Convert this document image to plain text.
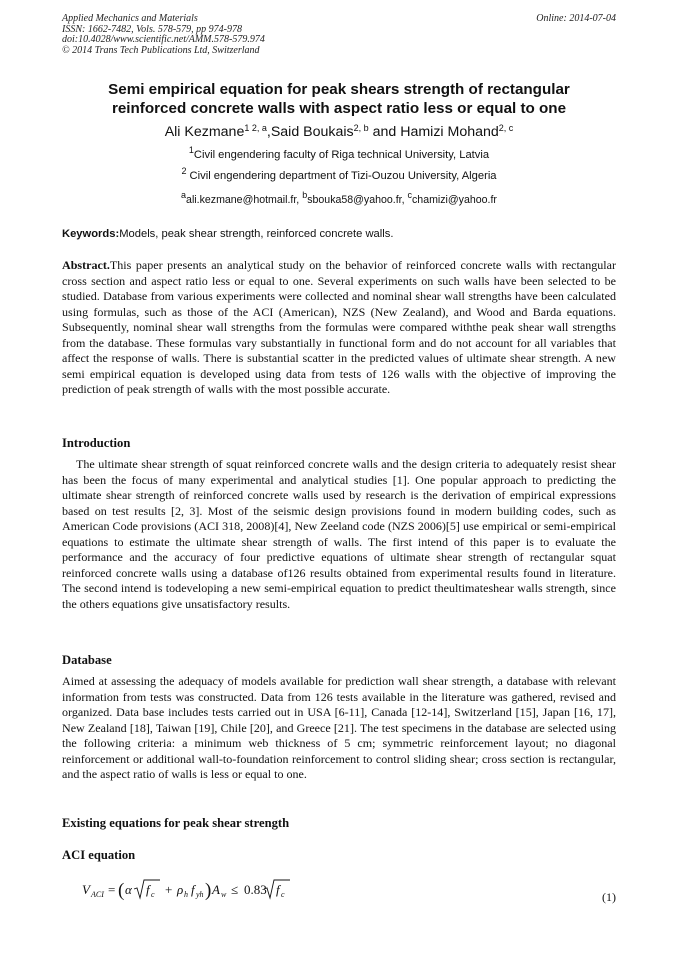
Applied Mechanics and Materials
ISSN: 1662-7482, Vols. 578-579, pp 974-978
doi:10.4028/www.scientific.net/AMM.578-579.974
© 2014 Trans Tech Publications Ltd, Switzerland
Online: 2014-07-04
Semi empirical equation for peak shears strength of rectangular
reinforced concrete walls with aspect ratio less or equal to one
Ali Kezmane$^{1 2, a}$,Said Boukais$^{2, b}$ and Hamizi Mohand$^{2, c}$
$^1$Civil engendering faculty of Riga technical University, Latvia
$^2$ Civil engendering department of Tizi-Ouzou University, Algeria
$^a$ali.kezmane@hotmail.fr, $^b$sbouka58@yahoo.fr, $^c$chamizi@yahoo.fr
Keywords:Models, peak shear strength, reinforced concrete walls.
Abstract.This paper presents an analytical study on the behavior of reinforced concrete walls with rectangular cross section and aspect ratio less or equal to one. Several experiments on such walls have been selected to be studied. Database from various experiments were collected and nominal shear wall strengths have been calculated using formulas, such as those of the ACI (American), NZS (New Zealand), and Wood and Barda equations. Subsequently, nominal shear wall strengths from the formulas were compared withthe peak shear wall strengths from the database. These formulas vary substantially in functional form and do not account for all variables that affect the response of walls. There is substantial scatter in the predicted values of ultimate shear strength. A new semi empirical equation is developed using data from tests of 126 walls with the objective of improving the prediction of peak strength of walls with the most possible accurate.
Introduction
The ultimate shear strength of squat reinforced concrete walls and the design criteria to adequately resist shear has been the focus of many experimental and analytical studies [1]. One popular approach to predicting the ultimate shear strength of reinforced concrete walls used by research is the derivation of empirical expressions based on test results [2, 3]. Most of the seismic design provisions found in modern building codes, such as American Code provisions (ACI 318, 2008)[4], New Zeeland code (NZS 2006)[5] use empirical or semi-empirical equations to estimate the ultimate shear strength of walls. The first intend of this paper is to evaluate the performance and the accuracy of four predictive equations of ultimate shear strength of rectangular squat reinforced concrete walls using a database of126 results obtained from experimental results found in literature. The second intend is todeveloping a new semi-empirical equation to predict theultimateshear walls strength, since the others equations give unsatisfactory results.
Database
Aimed at assessing the adequacy of models available for prediction wall shear strength, a database with relevant information from tests was constructed. Data from 126 tests available in the literature was gathered, revised and organized. Data base includes tests carried out in USA [6-11], Canada [12-14], Switzerland [15], Japan [16, 17], New Zealand [18], Taiwan [19], Chile [20], and Greece [21]. The test specimens in the database are selected using the following criteria: a minimum web thickness of 5 cm; symmetric reinforcement layout; no diagonal reinforcement or additional wall-to-foundation reinforcement to control sliding shear; cross section is rectangular, and the aspect ratio of walls is less or equal to one.
Existing equations for peak shear strength
ACI equation
V ACI = ( α f c + ρ h f yh ) A w ≤ 0.83 f c	(1)
